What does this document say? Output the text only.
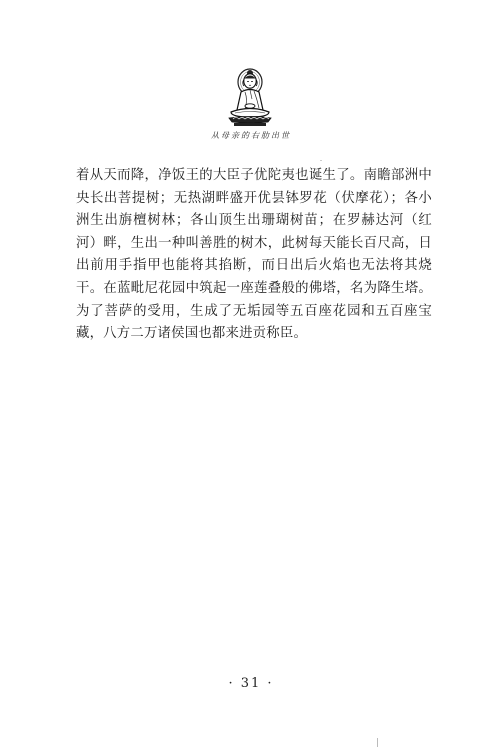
从母亲的右肋出世

着从天而降，净饭王的大臣子优陀夷也诞生了。南瞻部洲中央长出菩提树；无热湖畔盛开优昙钵罗花（伏摩花）；各小洲生出旃檀树林；各山顶生出珊瑚树苗；在罗赫达河（红河）畔，生出一种叫善胜的树木，此树每天能长百尺高，日出前用手指甲也能将其掐断，而日出后火焰也无法将其烧干。在蓝毗尼花园中筑起一座莲叠般的佛塔，名为降生塔。为了菩萨的受用，生成了无垢园等五百座花园和五百座宝藏，八方二万诸侯国也都来进贡称臣。

· 31 ·
